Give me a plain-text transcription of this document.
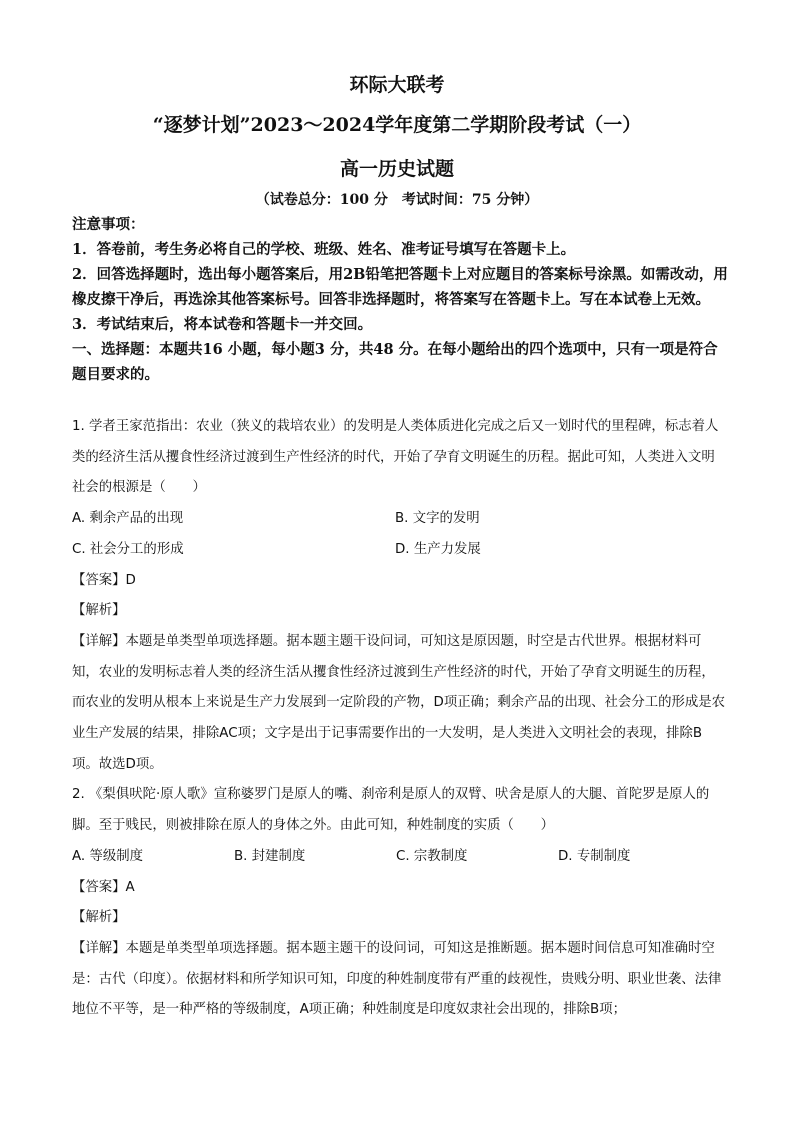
环际大联考
“逐梦计划”2023～2024学年度第二学期阶段考试（一）
高一历史试题
（试卷总分：100 分　考试时间：75 分钟）

注意事项：

1．答卷前，考生务必将自己的学校、班级、姓名、准考证号填写在答题卡上。

2．回答选择题时，选出每小题答案后，用2B铅笔把答题卡上对应题目的答案标号涂黑。如需改动，用橡皮擦干净后，再选涂其他答案标号。回答非选择题时，将答案写在答题卡上。写在本试卷上无效。

3．考试结束后，将本试卷和答题卡一并交回。

一、选择题：本题共16 小题，每小题3 分，共48 分。在每小题给出的四个选项中，只有一项是符合题目要求的。

1. 学者王家范指出：农业（狭义的栽培农业）的发明是人类体质进化完成之后又一划时代的里程碑，标志着人类的经济生活从攫食性经济过渡到生产性经济的时代，开始了孕育文明诞生的历程。据此可知，人类进入文明社会的根源是（　　）

A. 剩余产品的出现	B. 文字的发明
C. 社会分工的形成	D. 生产力发展

【答案】D

【解析】

【详解】本题是单类型单项选择题。据本题主题干设问词，可知这是原因题，时空是古代世界。根据材料可知，农业的发明标志着人类的经济生活从攫食性经济过渡到生产性经济的时代，开始了孕育文明诞生的历程，而农业的发明从根本上来说是生产力发展到一定阶段的产物，D项正确；剩余产品的出现、社会分工的形成是农业生产发展的结果，排除AC项；文字是出于记事需要作出的一大发明，是人类进入文明社会的表现，排除B项。故选D项。

2. 《梨俱吠陀·原人歌》宣称婆罗门是原人的嘴、刹帝利是原人的双臂、吠舍是原人的大腿、首陀罗是原人的脚。至于贱民，则被排除在原人的身体之外。由此可知，种姓制度的实质（　　）

A. 等级制度	B. 封建制度	C. 宗教制度	D. 专制制度

【答案】A

【解析】

【详解】本题是单类型单项选择题。据本题主题干的设问词，可知这是推断题。据本题时间信息可知准确时空是：古代（印度）。依据材料和所学知识可知，印度的种姓制度带有严重的歧视性，贵贱分明、职业世袭、法律地位不平等，是一种严格的等级制度，A项正确；种姓制度是印度奴隶社会出现的，排除B项；
